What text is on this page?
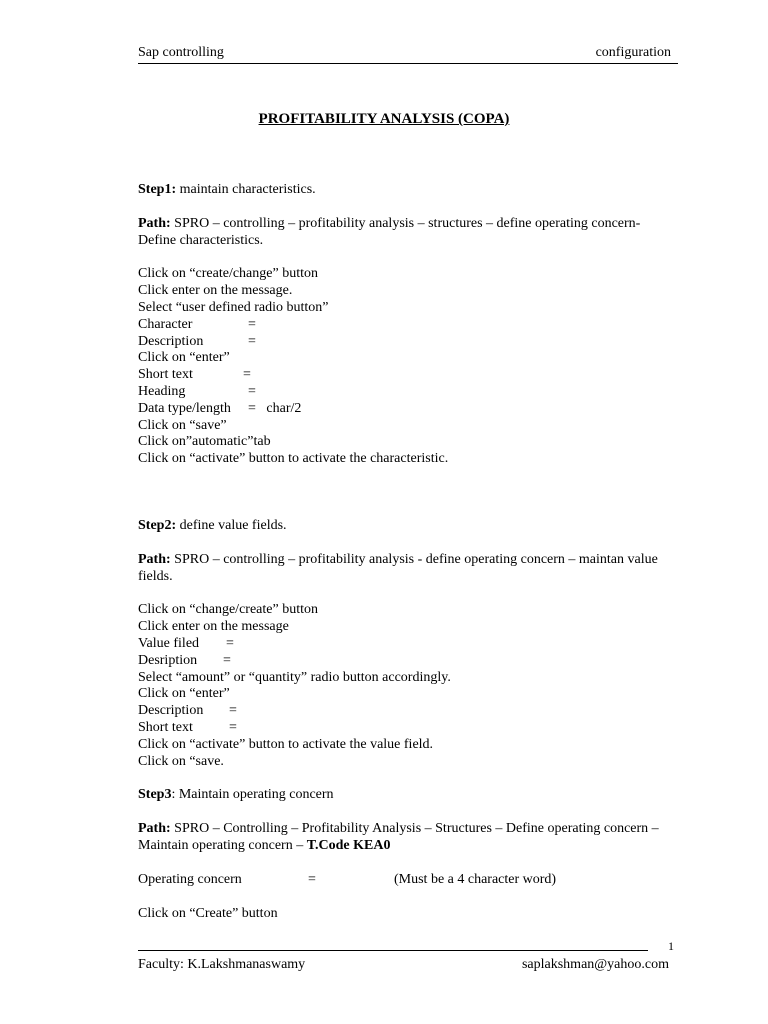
Sap controlling	configuration
PROFITABILITY ANALYSIS (COPA)

Step1: maintain characteristics.

Path: SPRO – controlling – profitability analysis – structures – define operating concern- Define characteristics.

Click on “create/change” button

Click enter on the message.

Select “user defined radio button”

Character	=

Description	=

Click on “enter”

Short text	=

Heading	=

Data type/length	=   char/2

Click on “save”

Click on”automatic”tab

Click on “activate” button to activate the characteristic.

Step2: define value fields.

Path: SPRO – controlling – profitability analysis - define operating concern – maintan value fields.

Click on “change/create” button

Click enter on the message

Value filed	=

Desription	=

Select “amount” or “quantity” radio button accordingly.

Click on “enter”

Description	=

Short text	=

Click on “activate” button to activate the value field.

Click on “save.

Step3: Maintain operating concern

Path: SPRO – Controlling – Profitability Analysis – Structures – Define operating concern – Maintain operating concern – T.Code KEA0

Operating concern	=	(Must be a 4 character word)

Click on “Create” button

1
Faculty: K.Lakshmanaswamy	saplakshman@yahoo.com
